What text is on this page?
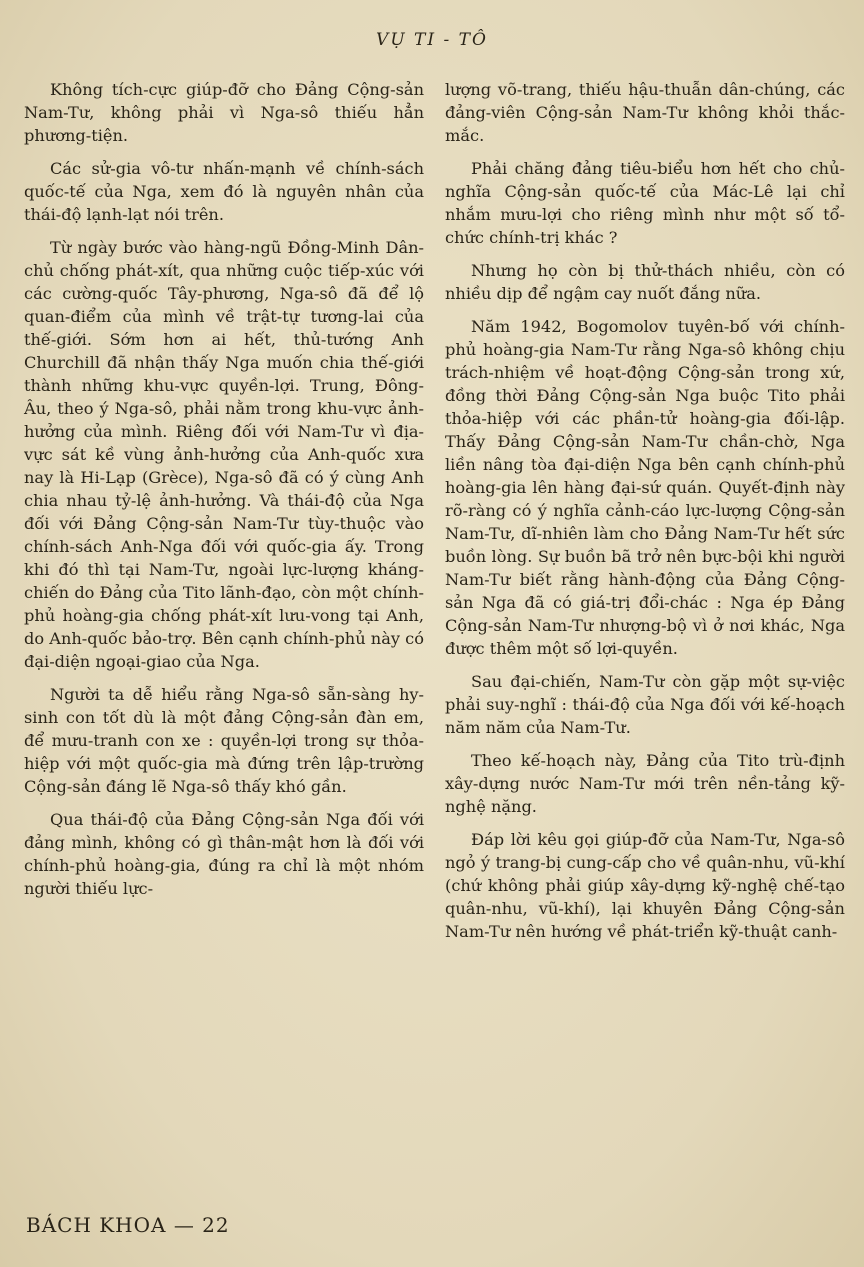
VỤ TI - TÔ

Không tích-cực giúp-đỡ cho Đảng Cộng-sản Nam-Tư, không phải vì Nga-sô thiếu hẳn phương-tiện.

Các sử-gia vô-tư nhấn-mạnh về chính-sách quốc-tế của Nga, xem đó là nguyên nhân của thái-độ lạnh-lạt nói trên.

Từ ngày bước vào hàng-ngũ Đồng-Minh Dân-chủ chống phát-xít, qua những cuộc tiếp-xúc với các cường-quốc Tây-phương, Nga-sô đã để lộ quan-điểm của mình về trật-tự tương-lai của thế-giới. Sớm hơn ai hết, thủ-tướng Anh Churchill đã nhận thấy Nga muốn chia thế-giới thành những khu-vực quyền-lợi. Trung, Đông-Âu, theo ý Nga-sô, phải nằm trong khu-vực ảnh-hưởng của mình. Riêng đối với Nam-Tư vì địa-vực sát kề vùng ảnh-hưởng của Anh-quốc xưa nay là Hi-Lạp (Grèce), Nga-sô đã có ý cùng Anh chia nhau tỷ-lệ ảnh-hưởng. Và thái-độ của Nga đối với Đảng Cộng-sản Nam-Tư tùy-thuộc vào chính-sách Anh-Nga đối với quốc-gia ấy. Trong khi đó thì tại Nam-Tư, ngoài lực-lượng kháng-chiến do Đảng của Tito lãnh-đạo, còn một chính-phủ hoàng-gia chống phát-xít lưu-vong tại Anh, do Anh-quốc bảo-trợ. Bên cạnh chính-phủ này có đại-diện ngoại-giao của Nga.

Người ta dễ hiểu rằng Nga-sô sẵn-sàng hy-sinh con tốt dù là một đảng Cộng-sản đàn em, để mưu-tranh con xe : quyền-lợi trong sự thỏa-hiệp với một quốc-gia mà đứng trên lập-trường Cộng-sản đáng lẽ Nga-sô thấy khó gần.

Qua thái-độ của Đảng Cộng-sản Nga đối với đảng mình, không có gì thân-mật hơn là đối với chính-phủ hoàng-gia, đúng ra chỉ là một nhóm người thiếu lực-

lượng võ-trang, thiếu hậu-thuẫn dân-chúng, các đảng-viên Cộng-sản Nam-Tư không khỏi thắc-mắc.

Phải chăng đảng tiêu-biểu hơn hết cho chủ-nghĩa Cộng-sản quốc-tế của Mác-Lê lại chỉ nhắm mưu-lợi cho riêng mình như một số tổ-chức chính-trị khác ?

Nhưng họ còn bị thử-thách nhiều, còn có nhiều dịp để ngậm cay nuốt đắng nữa.

Năm 1942, Bogomolov tuyên-bố với chính-phủ hoàng-gia Nam-Tư rằng Nga-sô không chịu trách-nhiệm về hoạt-động Cộng-sản trong xứ, đồng thời Đảng Cộng-sản Nga buộc Tito phải thỏa-hiệp với các phần-tử hoàng-gia đối-lập. Thấy Đảng Cộng-sản Nam-Tư chần-chờ, Nga liền nâng tòa đại-diện Nga bên cạnh chính-phủ hoàng-gia lên hàng đại-sứ quán. Quyết-định này rõ-ràng có ý nghĩa cảnh-cáo lực-lượng Cộng-sản Nam-Tư, dĩ-nhiên làm cho Đảng Nam-Tư hết sức buồn lòng. Sự buồn bã trở nên bực-bội khi người Nam-Tư biết rằng hành-động của Đảng Cộng-sản Nga đã có giá-trị đổi-chác : Nga ép Đảng Cộng-sản Nam-Tư nhượng-bộ vì ở nơi khác, Nga được thêm một số lợi-quyền.

Sau đại-chiến, Nam-Tư còn gặp một sự-việc phải suy-nghĩ : thái-độ của Nga đối với kế-hoạch năm năm của Nam-Tư.

Theo kế-hoạch này, Đảng của Tito trù-định xây-dựng nước Nam-Tư mới trên nền-tảng kỹ-nghệ nặng.

Đáp lời kêu gọi giúp-đỡ của Nam-Tư, Nga-sô ngỏ ý trang-bị cung-cấp cho về quân-nhu, vũ-khí (chứ không phải giúp xây-dựng kỹ-nghệ chế-tạo quân-nhu, vũ-khí), lại khuyên Đảng Cộng-sản Nam-Tư nên hướng về phát-triển kỹ-thuật canh-

BÁCH KHOA — 22
